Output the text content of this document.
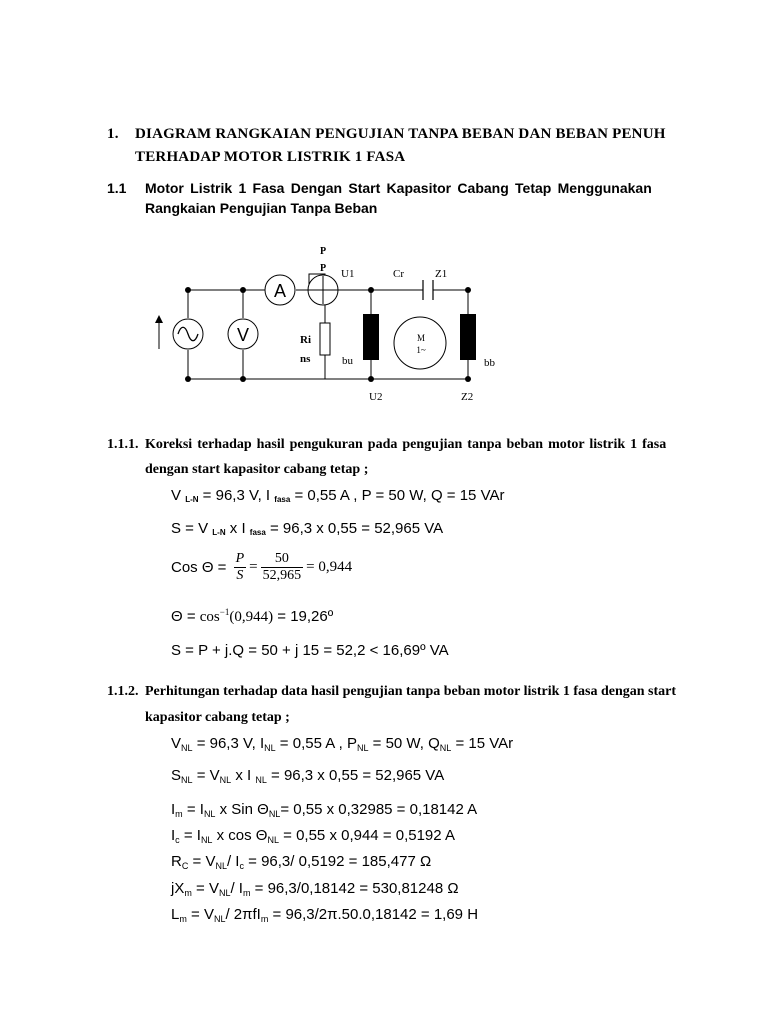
1. DIAGRAM RANGKAIAN PENGUJIAN TANPA BEBAN DAN BEBAN PENUH
TERHADAP MOTOR LISTRIK 1 FASA
1.1 Motor Listrik 1 Fasa Dengan Start Kapasitor Cabang Tetap Menggunakan
Rangkaian Pengujian Tanpa Beban
V
A
M
1~
P
P U1	Cr	Z1
Ri
ns	bu	bb
U2	Z2
1.1.1. Koreksi terhadap hasil pengukuran pada pengujian tanpa beban motor listrik 1 fasa
dengan start kapasitor cabang tetap ;
V L-N = 96,3 V, I fasa = 0,55 A , P = 50 W, Q = 15 VAr
S = V L-N x I fasa = 96,3 x 0,55 = 52,965 VA
Cos $\Theta = \frac{P}{S} = \frac{50}{52,965} = 0,944$
$\Theta = \cos^{-1}(0,944)$ = 19,26º
S = P + j.Q = 50 + j 15 = 52,2 < 16,69º VA
1.1.2. Perhitungan terhadap data hasil pengujian tanpa beban motor listrik 1 fasa dengan start
kapasitor cabang tetap ;
$V_{NL} = 96,3$ V, $I_{NL} = 0,55$ A , $P_{NL} = 50$ W, $Q_{NL} = 15$ VAr
$S_{NL} = V_{NL}$ x I $_{NL}$ = 96,3 x 0,55 = 52,965 VA
$I_m = I_{NL}$ x Sin $\Theta_{NL}= 0,55$ x 0,32985 = 0,18142 A
$I_c = I_{NL}$ x $\cos \Theta_{NL} = 0,55$ x 0,944 = 0,5192 A
$R_C = V_{NL}/$ $I_c = 96,3/$ 0,5192 = 185,477 Ω
$jX_m = V_{NL}/$ $I_m = 96,3/0,18142 = 530,81248$ Ω
$L_m = V_{NL}/$ 2πfI$_m$ = 96,3/2π.50.0,18142 = 1,69 H
